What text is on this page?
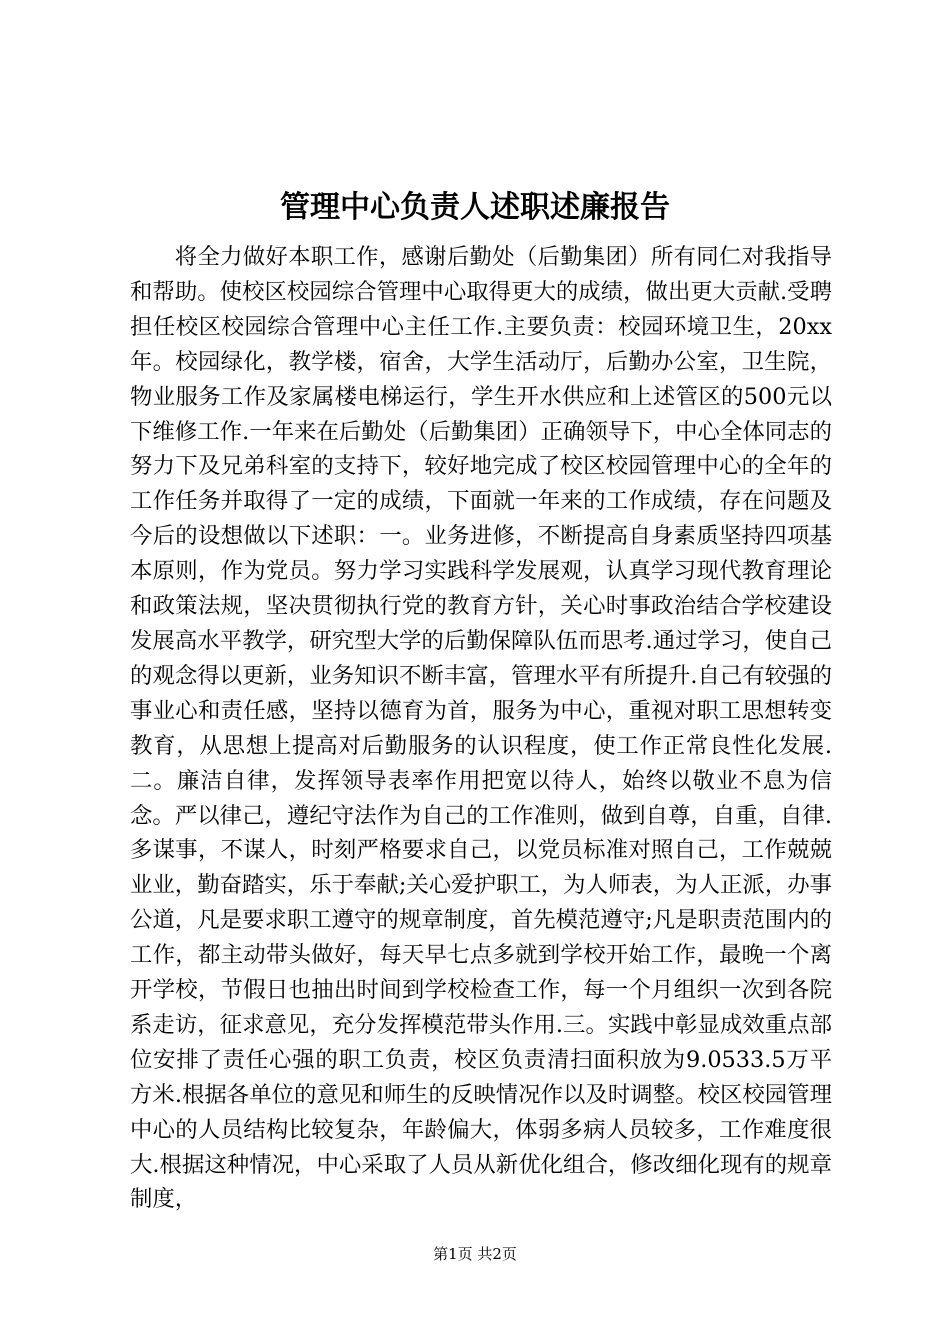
管理中心负责人述职述廉报告

将全力做好本职工作，感谢后勤处（后勤集团）所有同仁对我指导和帮助。使校区校园综合管理中心取得更大的成绩，做出更大贡献.受聘担任校区校园综合管理中心主任工作.主要负责：校园环境卫生，20xx年。校园绿化，教学楼，宿舍，大学生活动厅，后勤办公室，卫生院，物业服务工作及家属楼电梯运行，学生开水供应和上述管区的500元以下维修工作.一年来在后勤处（后勤集团）正确领导下，中心全体同志的努力下及兄弟科室的支持下，较好地完成了校区校园管理中心的全年的工作任务并取得了一定的成绩，下面就一年来的工作成绩，存在问题及今后的设想做以下述职：一。业务进修，不断提高自身素质坚持四项基本原则，作为党员。努力学习实践科学发展观，认真学习现代教育理论和政策法规，坚决贯彻执行党的教育方针，关心时事政治结合学校建设发展高水平教学，研究型大学的后勤保障队伍而思考.通过学习，使自己的观念得以更新，业务知识不断丰富，管理水平有所提升.自己有较强的事业心和责任感，坚持以德育为首，服务为中心，重视对职工思想转变教育，从思想上提高对后勤服务的认识程度，使工作正常良性化发展.二。廉洁自律，发挥领导表率作用把宽以待人，始终以敬业不息为信念。严以律己，遵纪守法作为自己的工作准则，做到自尊，自重，自律.多谋事，不谋人，时刻严格要求自己，以党员标准对照自己，工作兢兢业业，勤奋踏实，乐于奉献;关心爱护职工，为人师表，为人正派，办事公道，凡是要求职工遵守的规章制度，首先模范遵守;凡是职责范围内的工作，都主动带头做好，每天早七点多就到学校开始工作，最晚一个离开学校，节假日也抽出时间到学校检查工作，每一个月组织一次到各院系走访，征求意见，充分发挥模范带头作用.三。实践中彰显成效重点部位安排了责任心强的职工负责，校区负责清扫面积放为9.0533.5万平方米.根据各单位的意见和师生的反映情况作以及时调整。校区校园管理中心的人员结构比较复杂，年龄偏大，体弱多病人员较多，工作难度很大.根据这种情况，中心采取了人员从新优化组合，修改细化现有的规章制度，

第1页 共2页
